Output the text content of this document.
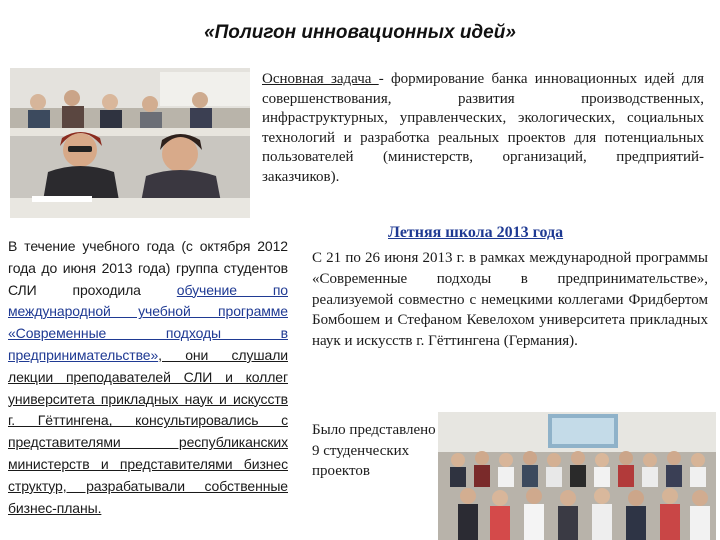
«Полигон инновационных идей»

Основная задача - формирование банка инновационных идей для совершенствования, развития производственных, инфраструктурных, управленческих, экологических, социальных технологий и разработка реальных проектов для потенциальных пользователей (министерств, организаций, предприятий-заказчиков).

В течение учебного года (с октября 2012 года до июня 2013 года) группа студентов СЛИ проходила обучение по международной учебной программе «Современные подходы в предпринимательстве», они слушали лекции преподавателей СЛИ и коллег университета прикладных наук и искусств г. Гёттингена, консультировались с представителями республиканских министерств и представителями бизнес структур, разрабатывали собственные бизнес-планы.

Летняя школа 2013 года

С 21 по 26 июня 2013 г. в рамках международной программы «Современные подходы в предпринимательстве», реализуемой совместно с немецкими коллегами Фридбертом Бомбошем и Стефаном Кевелохом университета прикладных наук и искусств г. Гёттингена (Германия).

Было представлено 9 студенческих проектов
